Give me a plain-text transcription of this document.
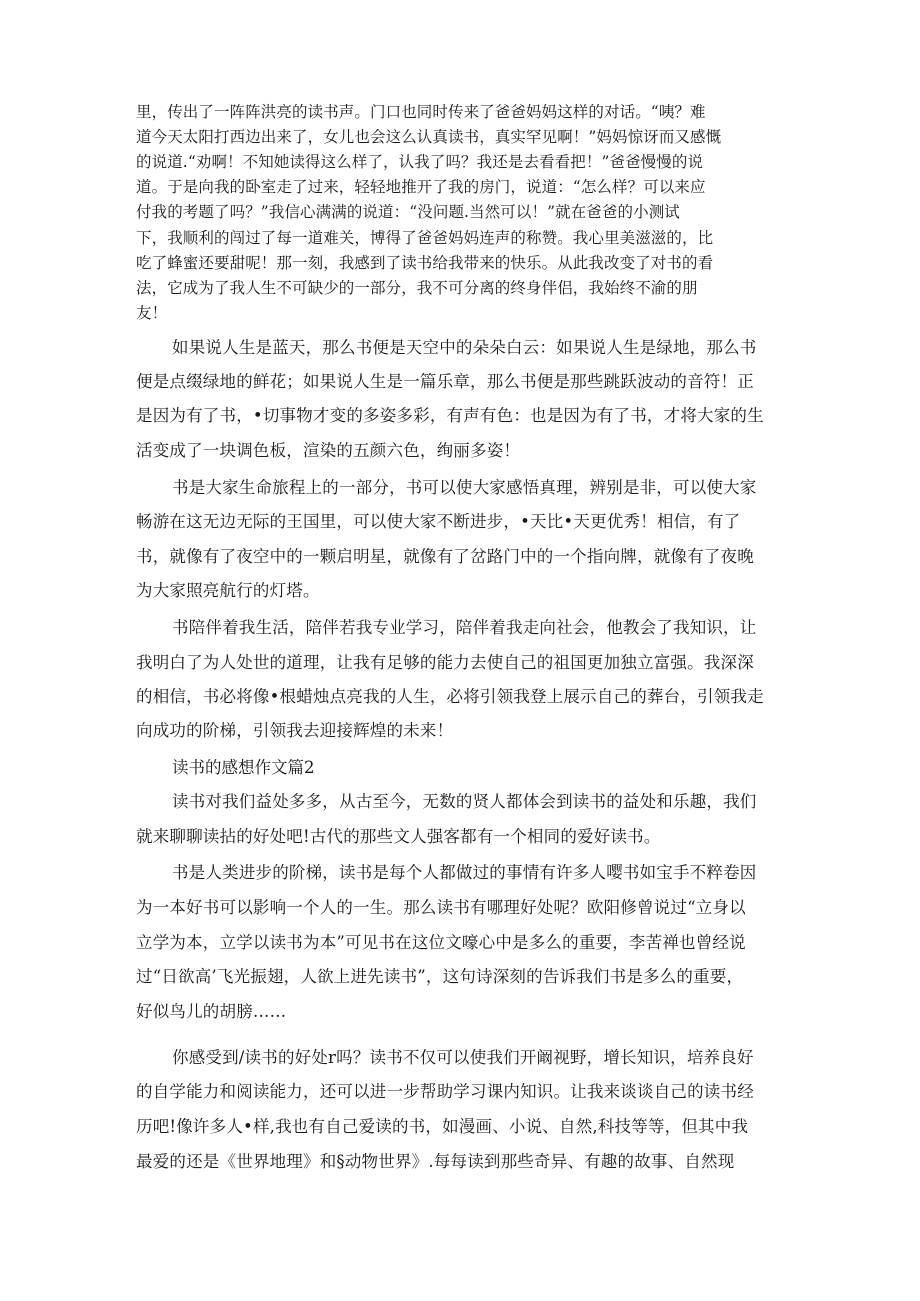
里，传出了一阵阵洪亮的读书声。门口也同时传来了爸爸妈妈这样的对话。“咦？难
道今天太阳打西边出来了，女儿也会这么认真读书，真实罕见啊！”妈妈惊讶而又感慨
的说道.“劝啊！不知她读得这么样了，认我了吗？我还是去看看把！”爸爸慢慢的说
道。于是向我的卧室走了过来，轻轻地推开了我的房门，说道：“怎么样？可以来应
付我的考题了吗？”我信心满满的说道：“没问题.当然可以！”就在爸爸的小测试
下，我顺利的闯过了每一道难关，博得了爸爸妈妈连声的称赞。我心里美滋滋的，比
吃了蜂蜜还要甜呢！那一刻，我感到了读书给我带来的快乐。从此我改变了对书的看
法，它成为了我人生不可缺少的一部分，我不可分离的终身伴侣，我始终不渝的朋
友！
如果说人生是蓝天，那么书便是天空中的朵朵白云：如果说人生是绿地，那么书
便是点缀绿地的鲜花；如果说人生是一篇乐章，那么书便是那些跳跃波动的音符！正
是因为有了书，•切事物才变的多姿多彩，有声有色：也是因为有了书，才将大家的生
活变成了一块调色板，渲染的五颜六色，绚丽多姿！
书是大家生命旅程上的一部分，书可以使大家感悟真理，辨别是非，可以使大家
畅游在这无边无际的王国里，可以使大家不断进步，•天比•天更优秀！相信，有了
书，就像有了夜空中的一颗启明星，就像有了岔路门中的一个指向牌，就像有了夜晚
为大家照亮航行的灯塔。
书陪伴着我生活，陪伴若我专业学习，陪伴着我走向社会，他教会了我知识，让
我明白了为人处世的道理，让我有足够的能力去使自己的祖国更加独立富强。我深深
的相信，书必将像•根蜡烛点亮我的人生，必将引领我登上展示自己的葬台，引领我走
向成功的阶梯，引领我去迎接辉煌的未来！
读书的感想作文篇2
读书对我们益处多多，从古至今，无数的贤人都体会到读书的益处和乐趣，我们
就来聊聊读拈的好处吧!古代的那些文人强客都有一个相同的爱好读书。
书是人类进步的阶梯，读书是每个人都做过的事情有许多人嘤书如宝手不粹卷因
为一本好书可以影响一个人的一生。那么读书有哪理好处呢？欧阳修曾说过“立身以
立学为本，立学以读书为本”可见书在这位文嚎心中是多么的重要，李苦禅也曾经说
过“日欲高’飞光振翅，人欲上进先读书”，这句诗深刻的告诉我们书是多么的重要，
好似鸟儿的胡膀……
你感受到/读书的好处r吗？读书不仅可以使我们开阚视野，增长知识，培养良好
的自学能力和阅读能力，还可以进一步帮助学习课内知识。让我来谈谈自己的读书经
历吧!像许多人•样,我也有自己爱读的书，如漫画、小说、自然,科技等等，但其中我
最爱的还是《世界地理》和§动物世界》.每每读到那些奇异、有趣的故事、自然现
